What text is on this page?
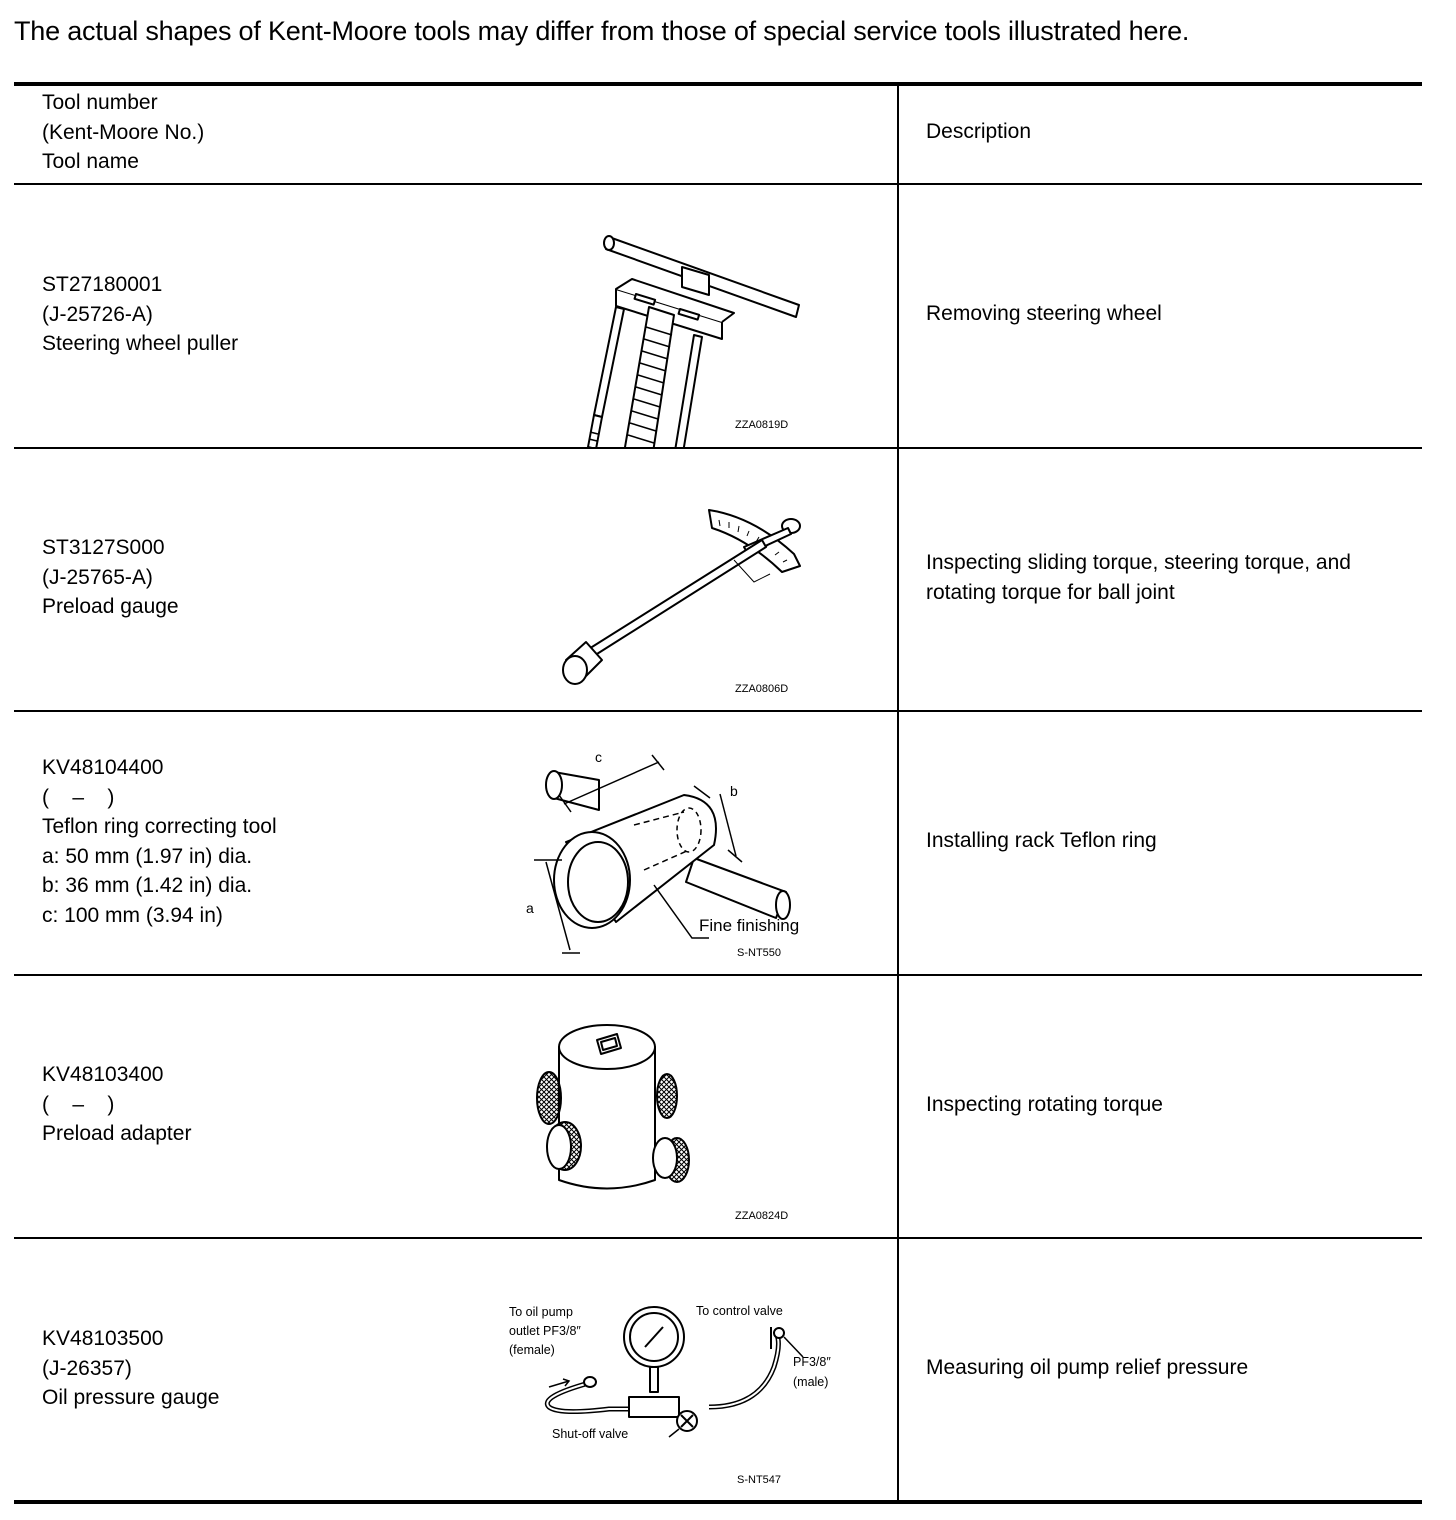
The actual shapes of Kent-Moore tools may differ from those of special service tools illustrated here.
Tool number
(Kent-Moore No.)
Tool name
Description
ST27180001
(J-25726-A)
Steering wheel puller
Removing steering wheel
ZZA0819D
ST3127S000
(J-25765-A)
Preload gauge
Inspecting sliding torque, steering torque, and rotating torque for ball joint
ZZA0806D
KV48104400
(    –    )
Teflon ring correcting tool
a: 50 mm (1.97 in) dia.
b: 36 mm (1.42 in) dia.
c: 100 mm (3.94 in)
Installing rack Teflon ring
c
b
a
Fine finishing
S-NT550
KV48103400
(    –    )
Preload adapter
Inspecting rotating torque
ZZA0824D
KV48103500
(J-26357)
Oil pressure gauge
Measuring oil pump relief pressure
To oil pump
outlet PF3/8″
(female)
To control valve
PF3/8″
(male)
Shut-off valve
S-NT547
